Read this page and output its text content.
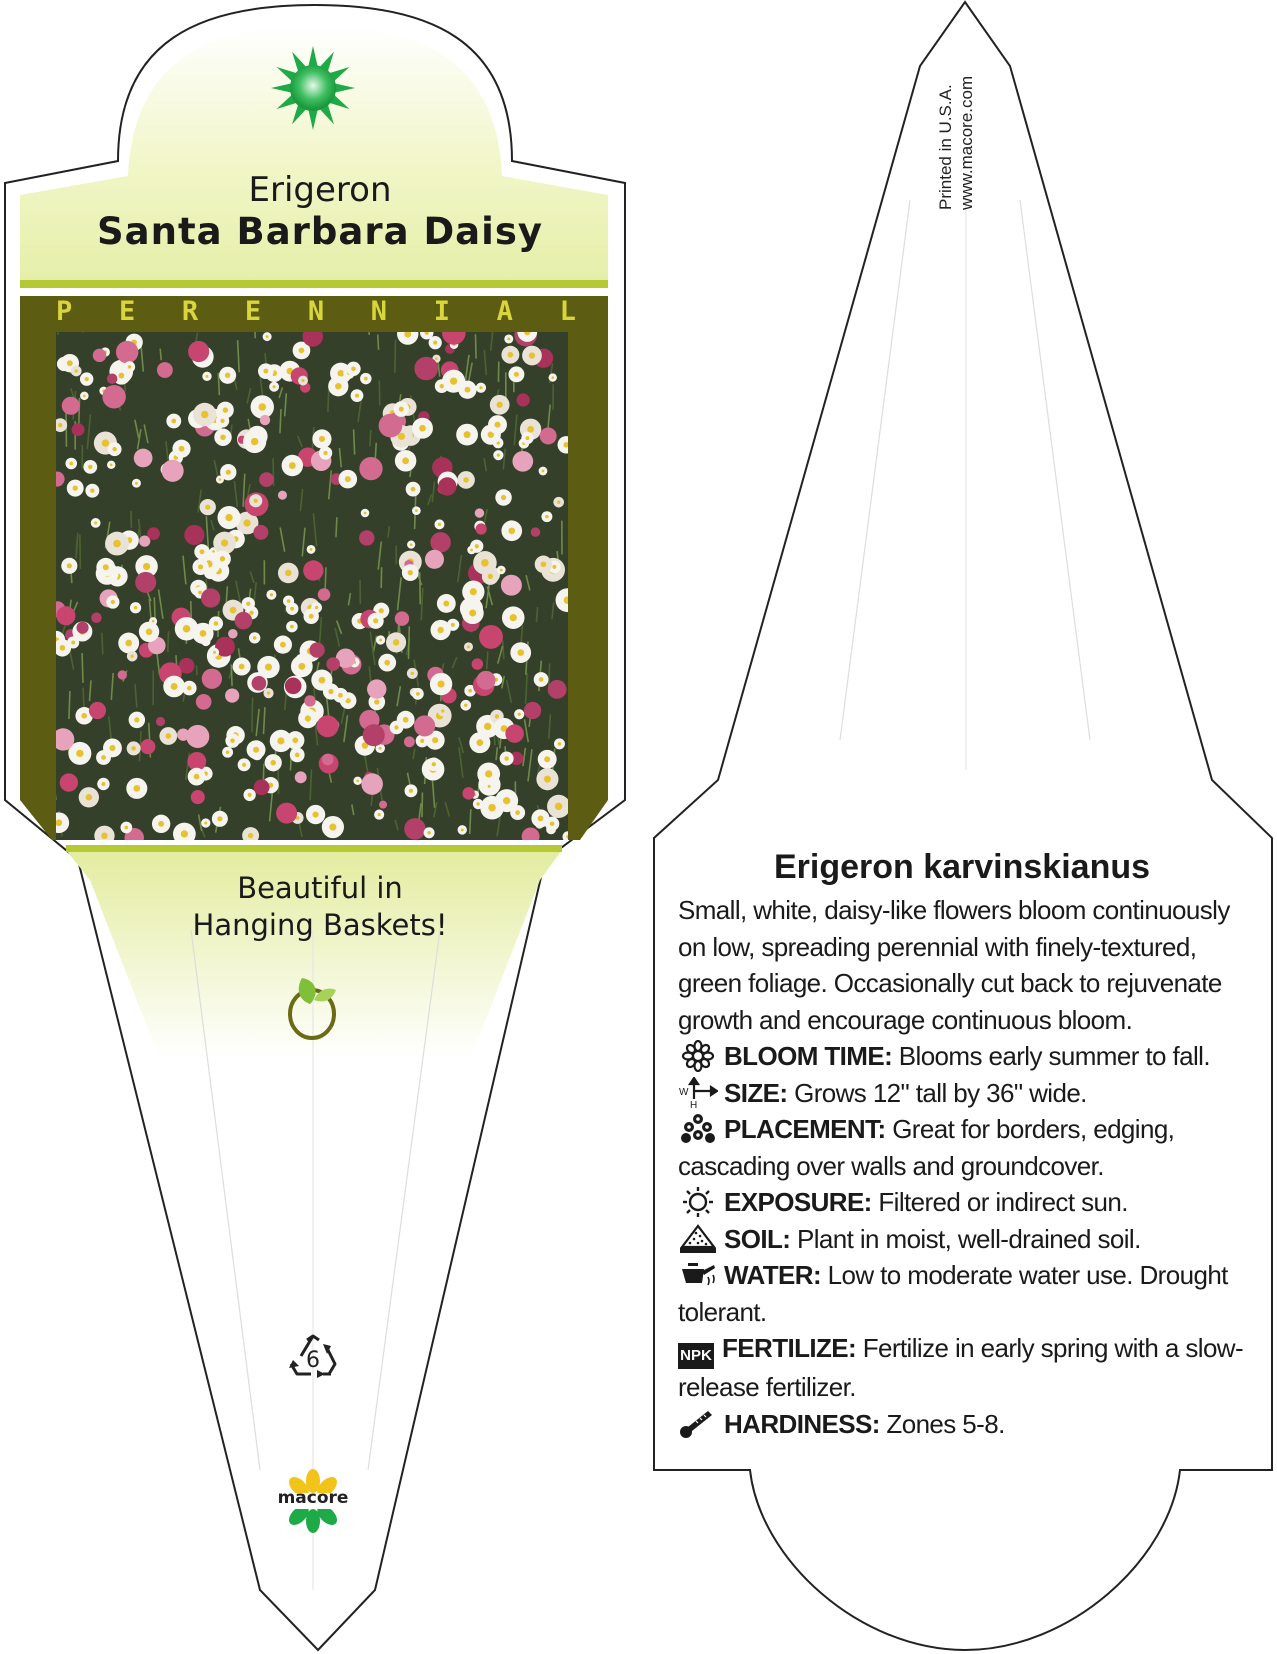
Erigeron
Santa Barbara Daisy
P E R E N N I A L
Beautiful in
Hanging Baskets!
6
macore
Printed in U.S.A. www.macore.com
Erigeron karvinskianus
Small, white, daisy-like flowers bloom continuously on low, spreading perennial with finely-textured, green foliage. Occasionally cut back to rejuvenate growth and encourage continuous bloom.
BLOOM TIME: Blooms early summer to fall.
W
H SIZE: Grows 12" tall by 36" wide.
PLACEMENT: Great for borders, edging, cascading over walls and groundcover.
EXPOSURE: Filtered or indirect sun.
SOIL: Plant in moist, well-drained soil.
WATER: Low to moderate water use. Drought tolerant.
NPK FERTILIZE: Fertilize in early spring with a slow-release fertilizer.
HARDINESS: Zones 5-8.
